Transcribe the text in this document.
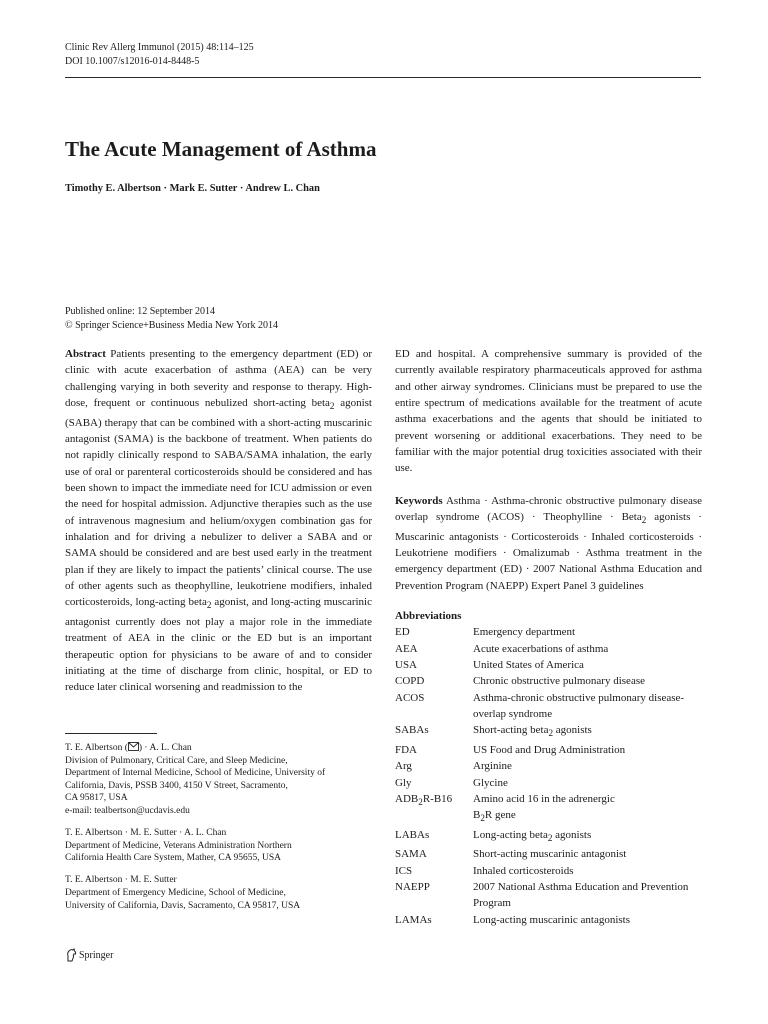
Clinic Rev Allerg Immunol (2015) 48:114–125
DOI 10.1007/s12016-014-8448-5
The Acute Management of Asthma
Timothy E. Albertson · Mark E. Sutter · Andrew L. Chan
Published online: 12 September 2014
© Springer Science+Business Media New York 2014
Abstract Patients presenting to the emergency department (ED) or clinic with acute exacerbation of asthma (AEA) can be very challenging varying in both severity and response to therapy. High-dose, frequent or continuous nebulized short-acting beta$_2$ agonist (SABA) therapy that can be combined with a short-acting muscarinic antagonist (SAMA) is the backbone of treatment. When patients do not rapidly clinically respond to SABA/SAMA inhalation, the early use of oral or parenteral corticosteroids should be considered and has been shown to impact the immediate need for ICU admission or even the need for hospital admission. Adjunctive therapies such as the use of intravenous magnesium and helium/oxygen combination gas for inhalation and for driving a nebulizer to deliver a SABA and or SAMA should be considered and are best used early in the treatment plan if they are likely to impact the patients’ clinical course. The use of other agents such as theophylline, leukotriene modifiers, inhaled corticosteroids, long-acting beta$_2$ agonist, and long-acting muscarinic antagonist currently does not play a major role in the immediate treatment of AEA in the clinic or the ED but is an important therapeutic option for physicians to be aware of and to consider initiating at the time of discharge from clinic, hospital, or ED to reduce later clinical worsening and readmission to the
T. E. Albertson ( ) · A. L. Chan
Division of Pulmonary, Critical Care, and Sleep Medicine,
Department of Internal Medicine, School of Medicine, University of
California, Davis, PSSB 3400, 4150 V Street, Sacramento,
CA 95817, USA
e-mail: tealbertson@ucdavis.edu
T. E. Albertson · M. E. Sutter · A. L. Chan
Department of Medicine, Veterans Administration Northern
California Health Care System, Mather, CA 95655, USA
T. E. Albertson · M. E. Sutter
Department of Emergency Medicine, School of Medicine,
University of California, Davis, Sacramento, CA 95817, USA
ED and hospital. A comprehensive summary is provided of the currently available respiratory pharmaceuticals approved for asthma and other airway syndromes. Clinicians must be prepared to use the entire spectrum of medications available for the treatment of acute asthma exacerbations and the agents that should be initiated to prevent worsening or additional exacerbations. They need to be familiar with the major potential drug toxicities associated with their use.
Keywords Asthma · Asthma-chronic obstructive pulmonary disease overlap syndrome (ACOS) · Theophylline · Beta$_2$ agonists · Muscarinic antagonists · Corticosteroids · Inhaled corticosteroids · Leukotriene modifiers · Omalizumab · Asthma treatment in the emergency department (ED) · 2007 National Asthma Education and Prevention Program (NAEPP) Expert Panel 3 guidelines
Abbreviations
ED	Emergency department
AEA	Acute exacerbations of asthma
USA	United States of America
COPD	Chronic obstructive pulmonary disease
ACOS	Asthma-chronic obstructive pulmonary disease-overlap syndrome
SABAs	Short-acting beta$_2$ agonists
FDA	US Food and Drug Administration
Arg	Arginine
Gly	Glycine
$ADB_2R-B16$	Amino acid 16 in the adrenergic
$B_2R$ gene

LABAs	Long-acting beta$_2$ agonists
SAMA	Short-acting muscarinic antagonist
ICS	Inhaled corticosteroids
NAEPP	2007 National Asthma Education and Prevention Program
LAMAs	Long-acting muscarinic antagonists
Springer
